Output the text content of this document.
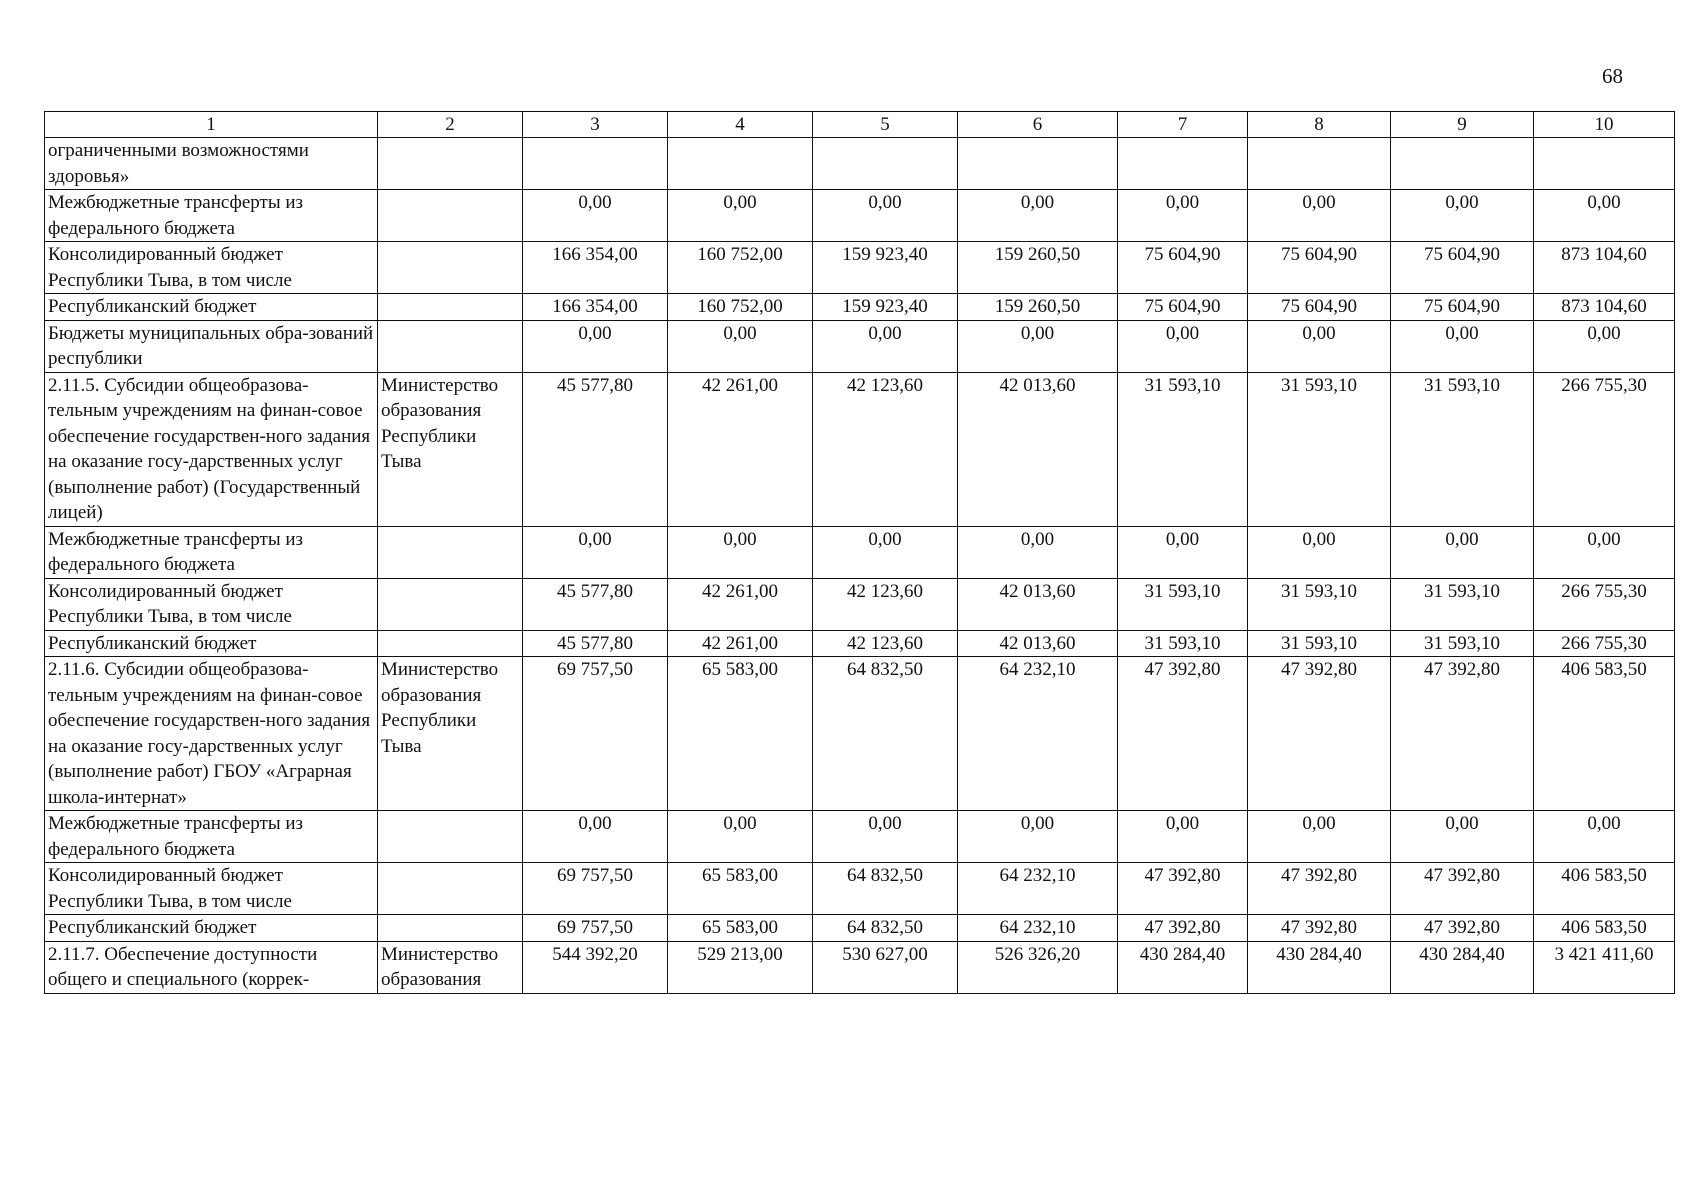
68
1	2	3	4	5	6	7	8	9	10
ограниченными возможностями здоровья»									
Межбюджетные трансферты из федерального бюджета		0,00	0,00	0,00	0,00	0,00	0,00	0,00	0,00
Консолидированный бюджет Республики Тыва, в том числе		166 354,00	160 752,00	159 923,40	159 260,50	75 604,90	75 604,90	75 604,90	873 104,60
Республиканский бюджет		166 354,00	160 752,00	159 923,40	159 260,50	75 604,90	75 604,90	75 604,90	873 104,60
Бюджеты муниципальных обра-зований республики		0,00	0,00	0,00	0,00	0,00	0,00	0,00	0,00
2.11.5. Субсидии общеобразова-тельным учреждениям на финан-совое обеспечение государствен-ного задания на оказание госу-дарственных услуг (выполнение работ) (Государственный лицей)	Министерство образования Республики Тыва	45 577,80	42 261,00	42 123,60	42 013,60	31 593,10	31 593,10	31 593,10	266 755,30
Межбюджетные трансферты из федерального бюджета		0,00	0,00	0,00	0,00	0,00	0,00	0,00	0,00
Консолидированный бюджет Республики Тыва, в том числе		45 577,80	42 261,00	42 123,60	42 013,60	31 593,10	31 593,10	31 593,10	266 755,30
Республиканский бюджет		45 577,80	42 261,00	42 123,60	42 013,60	31 593,10	31 593,10	31 593,10	266 755,30
2.11.6. Субсидии общеобразова-тельным учреждениям на финан-совое обеспечение государствен-ного задания на оказание госу-дарственных услуг (выполнение работ) ГБОУ «Аграрная школа-интернат»	Министерство образования Республики Тыва	69 757,50	65 583,00	64 832,50	64 232,10	47 392,80	47 392,80	47 392,80	406 583,50
Межбюджетные трансферты из федерального бюджета		0,00	0,00	0,00	0,00	0,00	0,00	0,00	0,00
Консолидированный бюджет Республики Тыва, в том числе		69 757,50	65 583,00	64 832,50	64 232,10	47 392,80	47 392,80	47 392,80	406 583,50
Республиканский бюджет		69 757,50	65 583,00	64 832,50	64 232,10	47 392,80	47 392,80	47 392,80	406 583,50
2.11.7. Обеспечение доступности общего и специального (коррек-	Министерство образования	544 392,20	529 213,00	530 627,00	526 326,20	430 284,40	430 284,40	430 284,40	3 421 411,60
